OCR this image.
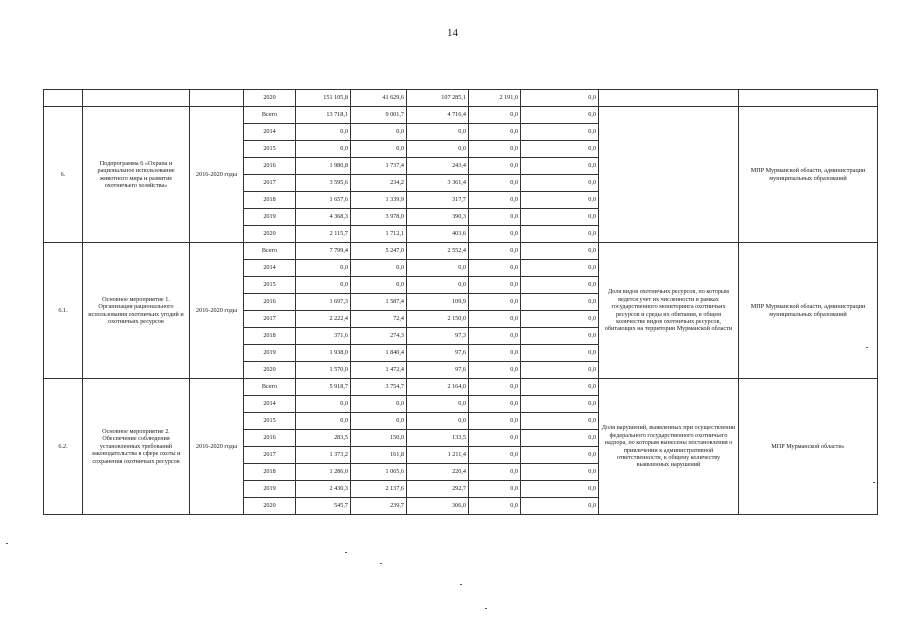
14
			2020	151 105,8	41 629,6	107 285,1	2 191,0	0,0		
6.	Подпрограмма 6 «Охрана и рациональное использование животного мира и развитие охотничьего хозяйства»	2016-2020 годы	Всего	13 718,1	9 001,7	4 716,4	0,0	0,0		МПР Мурманской области, администрации муниципальных образований
			2014	0,0	0,0	0,0	0,0	0,0		
			2015	0,0	0,0	0,0	0,0	0,0		
			2016	1 980,8	1 737,4	243,4	0,0	0,0		
			2017	3 595,6	234,2	3 361,4	0,0	0,0		
			2018	1 657,6	1 339,9	317,7	0,0	0,0		
			2019	4 368,3	3 978,0	390,3	0,0	0,0		
			2020	2 115,7	1 712,1	403,6	0,0	0,0		
6.1.	Основное мероприятие 1. Организация рационального использования охотничьих угодий и охотничьих ресурсов	2016-2020 годы	Всего	7 799,4	5 247,0	2 552,4	0,0	0,0	Доля видов охотничьих ресурсов, по которым ведется учет их численности в рамках государственного мониторинга охотничьих ресурсов и среды их обитания, в общем количестве видов охотничьих ресурсов, обитающих на территории Мурманской области	МПР Мурманской области, администрации муниципальных образований
			2014	0,0	0,0	0,0	0,0	0,0		
			2015	0,0	0,0	0,0	0,0	0,0		
			2016	1 697,3	1 587,4	109,9	0,0	0,0		
			2017	2 222,4	72,4	2 150,0	0,0	0,0		
			2018	371,6	274,3	97,3	0,0	0,0		
			2019	1 938,0	1 840,4	97,6	0,0	0,0		
			2020	1 570,0	1 472,4	97,6	0,0	0,0		
6.2.	Основное мероприятие 2. Обеспечение соблюдения установленных требований законодательства в сфере охоты и сохранения охотничьих ресурсов	2016-2020 годы	Всего	5 918,7	3 754,7	2 164,0	0,0	0,0	Доля нарушений, выявленных при осуществлении федерального государственного охотничьего надзора, по которым вынесены постановления о привлечении к административной ответственности, к общему количеству выявленных нарушений	МПР Мурманской области»
			2014	0,0	0,0	0,0	0,0	0,0		
			2015	0,0	0,0	0,0	0,0	0,0		
			2016	283,5	150,0	133,5	0,0	0,0		
			2017	1 373,2	161,8	1 211,4	0,0	0,0		
			2018	1 286,0	1 065,6	220,4	0,0	0,0		
			2019	2 430,3	2 137,6	292,7	0,0	0,0		
			2020	545,7	239,7	306,0	0,0	0,0		
